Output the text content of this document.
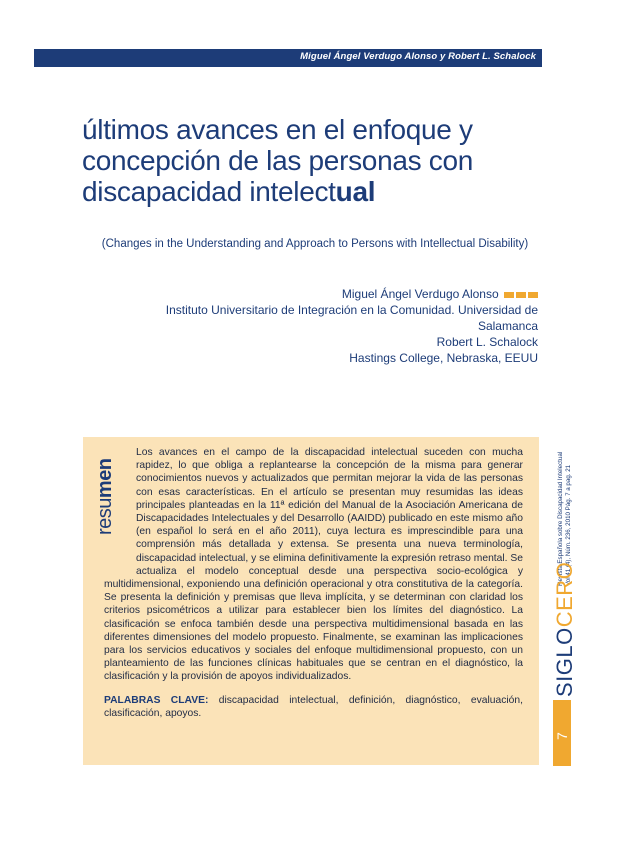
Miguel Ángel Verdugo Alonso y Robert L. Schalock
últimos avances en el enfoque y concepción de las personas con discapacidad intelectual
(Changes in the Understanding and Approach to Persons with Intellectual Disability)
Miguel Ángel Verdugo Alonso
Instituto Universitario de Integración en la Comunidad. Universidad de Salamanca
Robert L. Schalock
Hastings College, Nebraska, EEUU
resumen
Los avances en el campo de la discapacidad intelectual suceden con mucha rapidez, lo que obliga a replantearse la concepción de la misma para generar conocimientos nuevos y actualizados que permitan mejorar la vida de las personas con esas características. En el artículo se presentan muy resumidas las ideas principales planteadas en la 11ª edición del Manual de la Asociación Americana de Discapacidades Intelectuales y del Desarrollo (AAIDD) publicado en este mismo año (en español lo será en el año 2011), cuya lectura es imprescindible para una comprensión más detallada y extensa. Se presenta una nueva terminología, discapacidad intelectual, y se elimina definitivamente la expresión retraso mental. Se actualiza el modelo conceptual desde una perspectiva socio-ecológica y multidimensional, exponiendo una definición operacional y otra constitutiva de la categoría. Se presenta la definición y premisas que lleva implícita, y se determinan con claridad los criterios psicométricos a utilizar para establecer bien los límites del diagnóstico. La clasificación se enfoca también desde una perspectiva multidimensional basada en las diferentes dimensiones del modelo propuesto. Finalmente, se examinan las implicaciones para los servicios educativos y sociales del enfoque multidimensional propuesto, con un planteamiento de las funciones clínicas habituales que se centran en el diagnóstico, la clasificación y la provisión de apoyos individualizados.
PALABRAS CLAVE: discapacidad intelectual, definición, diagnóstico, evaluación, clasificación, apoyos.
Revista Española sobre Discapacidad Intelectual Vol 41 (4), Núm. 236, 2010 Pág. 7 a pag. 21
SIGLOCERO
7
